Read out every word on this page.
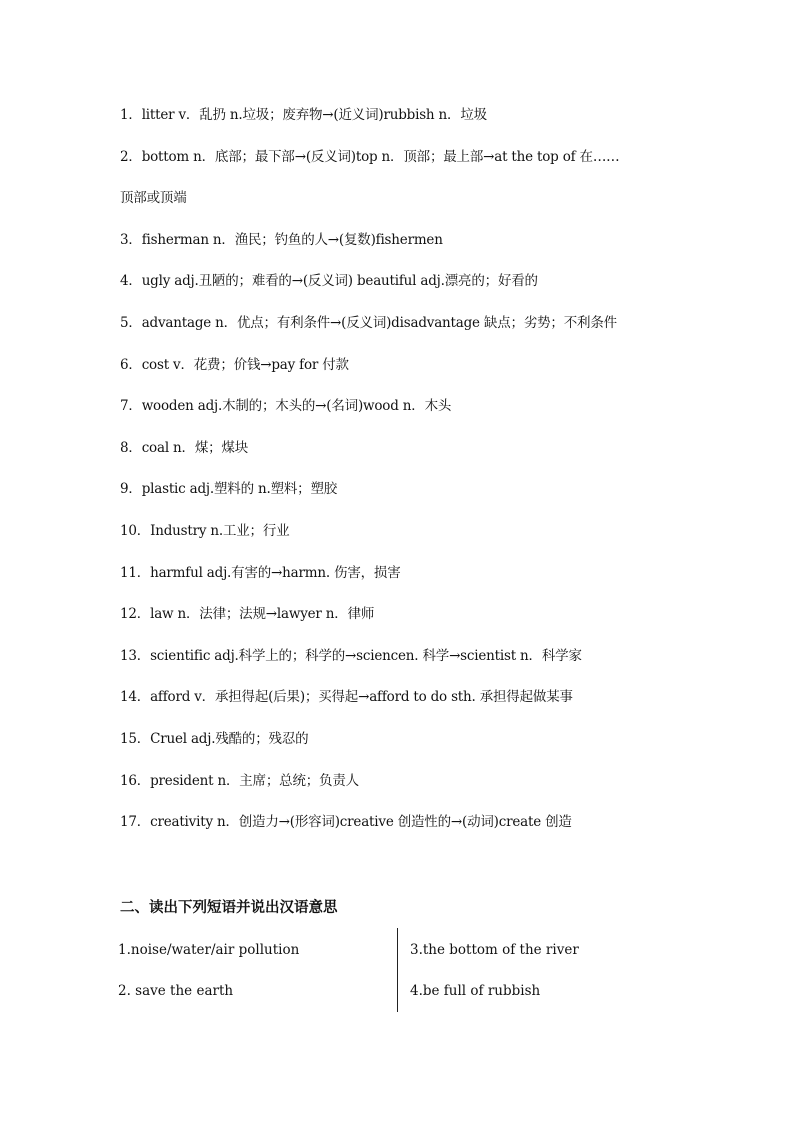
1．litter v．乱扔 n.垃圾；废弃物→(近义词)rubbish n．垃圾
2．bottom n．底部；最下部→(反义词)top n．顶部；最上部→at the top of 在……
顶部或顶端
3．fisherman n．渔民；钓鱼的人→(复数)fishermen
4．ugly adj.丑陋的；难看的→(反义词) beautiful adj.漂亮的；好看的
5．advantage n．优点；有利条件→(反义词)disadvantage 缺点；劣势；不利条件
6．cost v．花费；价钱→pay for 付款
7．wooden adj.木制的；木头的→(名词)wood n．木头
8．coal n．煤；煤块
9．plastic adj.塑料的 n.塑料；塑胶
10．Industry n.工业；行业
11．harmful adj.有害的→harmn. 伤害，损害
12．law n．法律；法规→lawyer n．律师
13．scientific adj.科学上的；科学的→sciencen. 科学→scientist n．科学家
14．afford v．承担得起(后果)；买得起→afford to do sth. 承担得起做某事
15．Cruel adj.残酷的；残忍的
16．president n．主席；总统；负责人
17．creativity n．创造力→(形容词)creative 创造性的→(动词)create 创造
二、读出下列短语并说出汉语意思
1.noise/water/air pollution
2. save the earth
3.the bottom of the river
4.be full of rubbish
